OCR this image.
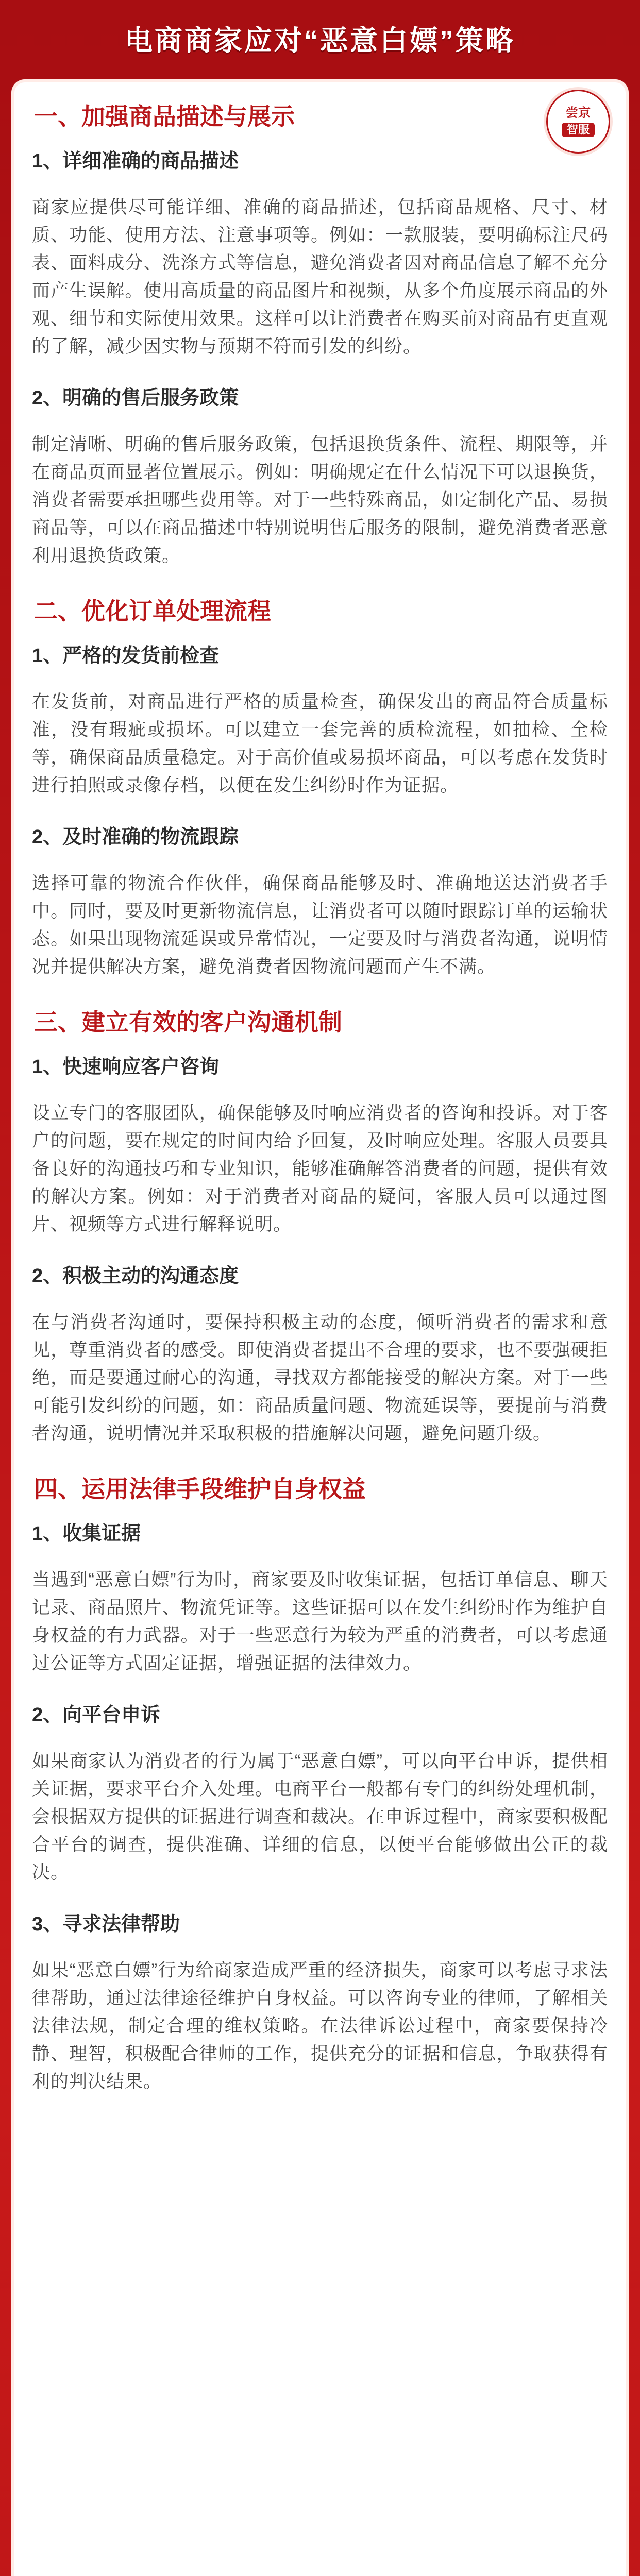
电商商家应对“恶意白嫖”策略
尝京
智服
一、加强商品描述与展示
1、详细准确的商品描述

商家应提供尽可能详细、准确的商品描述，包括商品规格、尺寸、材质、功能、使用方法、注意事项等。例如：一款服装，要明确标注尺码表、面料成分、洗涤方式等信息，避免消费者因对商品信息了解不充分而产生误解。使用高质量的商品图片和视频，从多个角度展示商品的外观、细节和实际使用效果。这样可以让消费者在购买前对商品有更直观的了解，减少因实物与预期不符而引发的纠纷。

2、明确的售后服务政策

制定清晰、明确的售后服务政策，包括退换货条件、流程、期限等，并在商品页面显著位置展示。例如：明确规定在什么情况下可以退换货，消费者需要承担哪些费用等。对于一些特殊商品，如定制化产品、易损商品等，可以在商品描述中特别说明售后服务的限制，避免消费者恶意利用退换货政策。

二、优化订单处理流程
1、严格的发货前检查

在发货前，对商品进行严格的质量检查，确保发出的商品符合质量标准，没有瑕疵或损坏。可以建立一套完善的质检流程，如抽检、全检等，确保商品质量稳定。对于高价值或易损坏商品，可以考虑在发货时进行拍照或录像存档，以便在发生纠纷时作为证据。

2、及时准确的物流跟踪

选择可靠的物流合作伙伴，确保商品能够及时、准确地送达消费者手中。同时，要及时更新物流信息，让消费者可以随时跟踪订单的运输状态。如果出现物流延误或异常情况，一定要及时与消费者沟通，说明情况并提供解决方案，避免消费者因物流问题而产生不满。

三、建立有效的客户沟通机制
1、快速响应客户咨询

设立专门的客服团队，确保能够及时响应消费者的咨询和投诉。对于客户的问题，要在规定的时间内给予回复，及时响应处理。客服人员要具备良好的沟通技巧和专业知识，能够准确解答消费者的问题，提供有效的解决方案。例如：对于消费者对商品的疑问，客服人员可以通过图片、视频等方式进行解释说明。

2、积极主动的沟通态度

在与消费者沟通时，要保持积极主动的态度，倾听消费者的需求和意见，尊重消费者的感受。即使消费者提出不合理的要求，也不要强硬拒绝，而是要通过耐心的沟通，寻找双方都能接受的解决方案。对于一些可能引发纠纷的问题，如：商品质量问题、物流延误等，要提前与消费者沟通，说明情况并采取积极的措施解决问题，避免问题升级。

四、运用法律手段维护自身权益
1、收集证据

当遇到“恶意白嫖”行为时，商家要及时收集证据，包括订单信息、聊天记录、商品照片、物流凭证等。这些证据可以在发生纠纷时作为维护自身权益的有力武器。对于一些恶意行为较为严重的消费者，可以考虑通过公证等方式固定证据，增强证据的法律效力。

2、向平台申诉

如果商家认为消费者的行为属于“恶意白嫖”，可以向平台申诉，提供相关证据，要求平台介入处理。电商平台一般都有专门的纠纷处理机制，会根据双方提供的证据进行调查和裁决。在申诉过程中，商家要积极配合平台的调查，提供准确、详细的信息，以便平台能够做出公正的裁决。

3、寻求法律帮助

如果“恶意白嫖”行为给商家造成严重的经济损失，商家可以考虑寻求法律帮助，通过法律途径维护自身权益。可以咨询专业的律师，了解相关法律法规，制定合理的维权策略。在法律诉讼过程中，商家要保持冷静、理智，积极配合律师的工作，提供充分的证据和信息，争取获得有利的判决结果。
